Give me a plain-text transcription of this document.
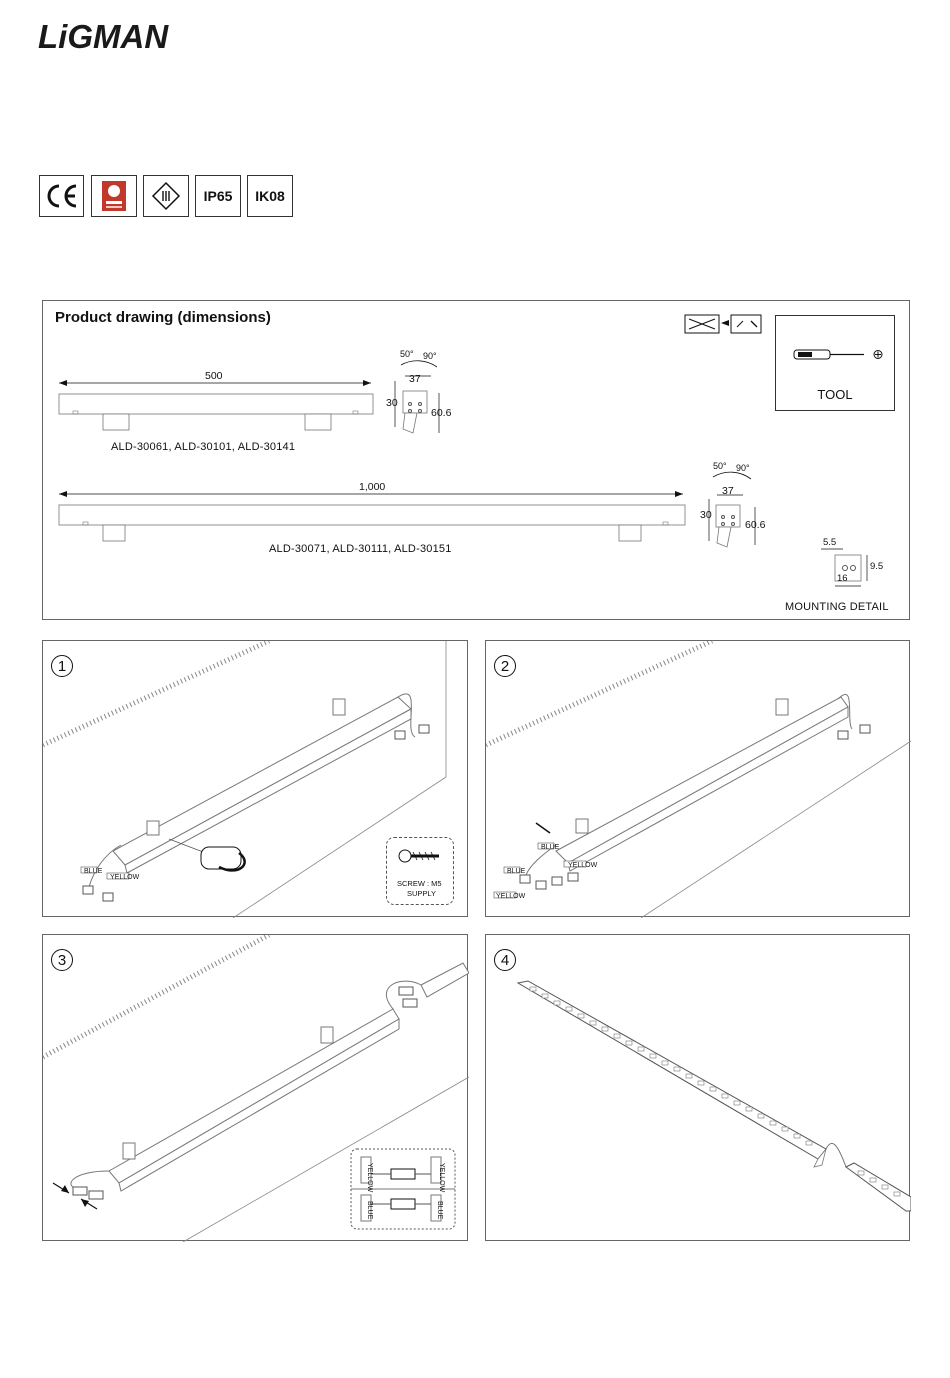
LiGMAN
IP65 IK08
Product drawing (dimensions)
500
ALD-30061, ALD-30101, ALD-30141
50° 90°
37
30
60.6
1,000
ALD-30071, ALD-30111, ALD-30151
50° 90°
37
30
60.6
5.5
16
9.5
MOUNTING DETAIL
TOOL
1
BLUE
YELLOW
SCREW : M5
SUPPLY
2
BLUE
YELLOW
BLUE
YELLOW
3
YELLOW	YELLOW
BLUE	BLUE
4
